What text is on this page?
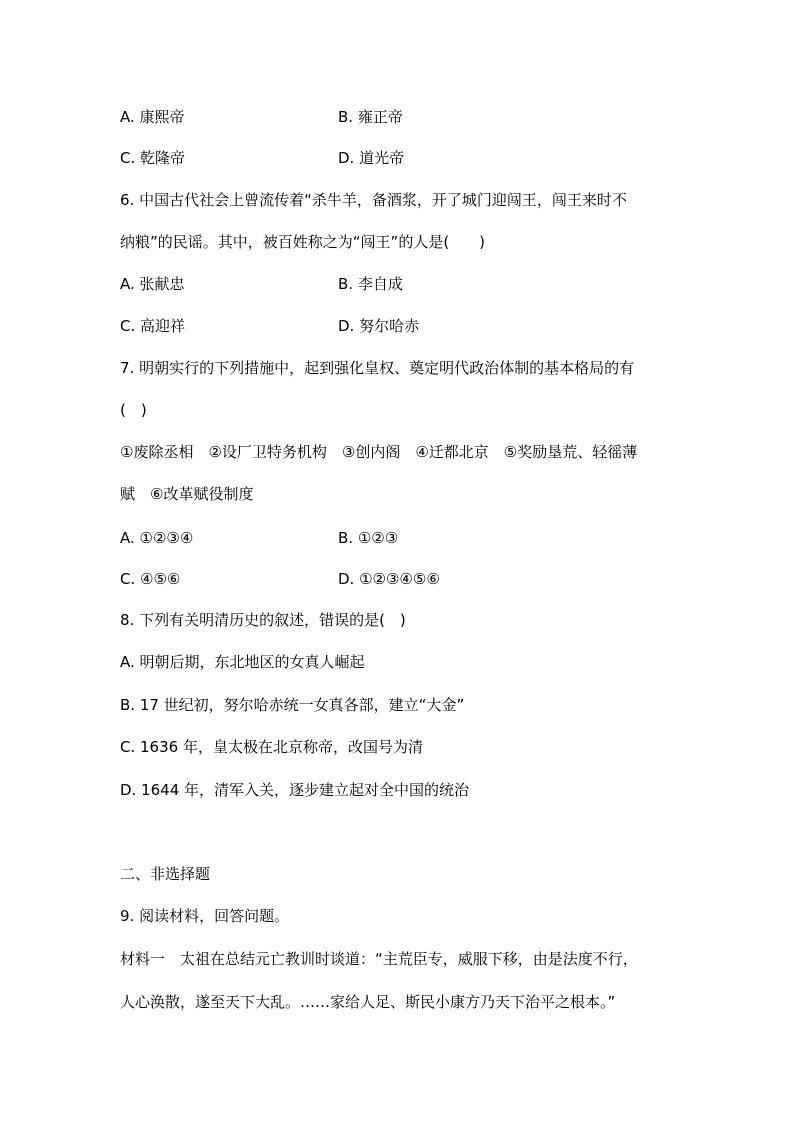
A. 康熙帝	B. 雍正帝
C. 乾隆帝	D. 道光帝
6. 中国古代社会上曾流传着“杀牛羊，备酒浆，开了城门迎闯王，闯王来时不
纳粮”的民谣。其中，被百姓称之为“闯王”的人是(　　)
A. 张献忠	B. 李自成
C. 高迎祥	D. 努尔哈赤
7. 明朝实行的下列措施中，起到强化皇权、奠定明代政治体制的基本格局的有
(　)
①废除丞相　②设厂卫特务机构　③创内阁　④迁都北京　⑤奖励垦荒、轻徭薄
赋　⑥改革赋役制度
A. ①②③④	B. ①②③
C. ④⑤⑥	D. ①②③④⑤⑥
8. 下列有关明清历史的叙述，错误的是(　)
A. 明朝后期，东北地区的女真人崛起
B. 17 世纪初，努尔哈赤统一女真各部，建立“大金”
C. 1636 年，皇太极在北京称帝，改国号为清
D. 1644 年，清军入关，逐步建立起对全中国的统治
二、非选择题
9. 阅读材料，回答问题。
材料一　太祖在总结元亡教训时谈道：“主荒臣专，威服下移，由是法度不行，
人心涣散，遂至天下大乱。……家给人足、斯民小康方乃天下治平之根本。”
